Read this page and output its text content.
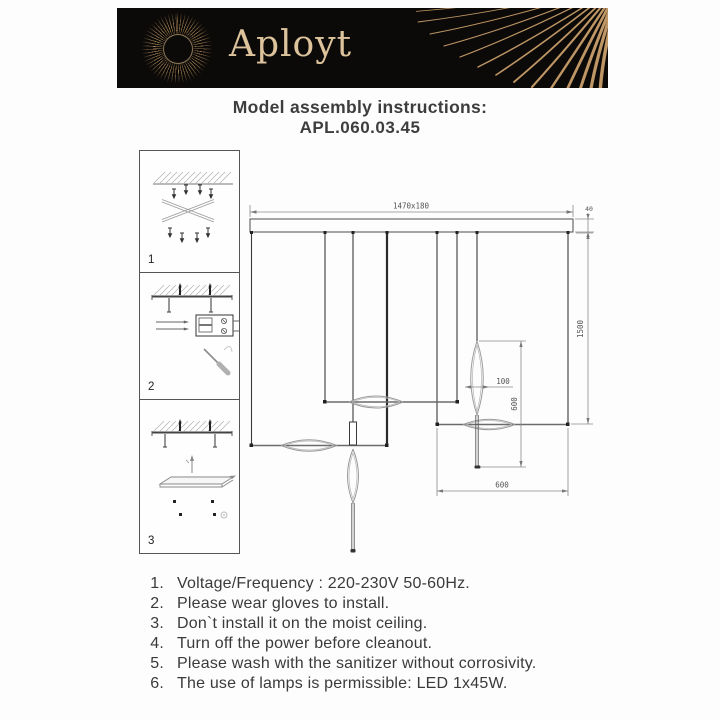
Aployt
Model assembly instructions:
APL.060.03.45
1
2
3
1470x180	40
100
600
1500
600
1. Voltage/Frequency : 220-230V 50-60Hz.
2. Please wear gloves to install.
3. Don`t install it on the moist ceiling.
4. Turn off the power before cleanout.
5. Please wash with the sanitizer without corrosivity.
6. The use of lamps is permissible: LED 1x45W.
